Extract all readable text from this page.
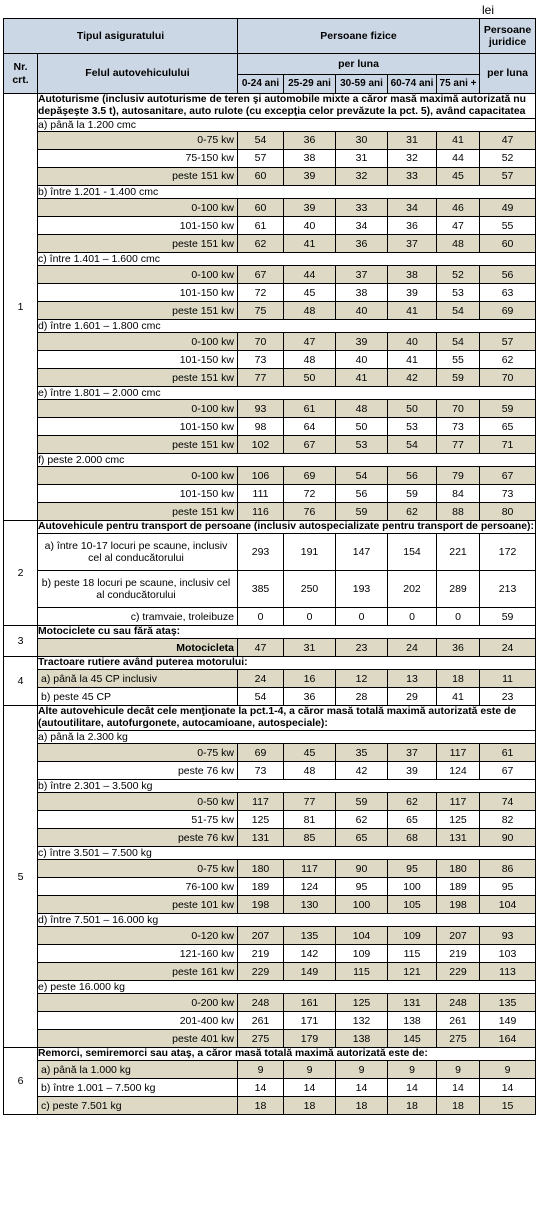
lei
Tipul asiguratului		Persoane fizice					Persoane juridice
Nr. crt.	Felul autovehiculului	per luna					per luna
		0-24 ani	25-29 ani	30-59 ani	60-74 ani	75 ani +	
1	Autoturisme (inclusiv autoturisme de teren şi automobile mixte a căror masă maximă autorizată nu depăşeşte 3.5 t), autosanitare, auto rulote (cu excepţia celor prevăzute la pct. 5), având capacitatea						
	a) până la 1.200 cmc						
	0-75 kw	54	36	30	31	41	47
	75-150 kw	57	38	31	32	44	52
	peste 151 kw	60	39	32	33	45	57
	b) între 1.201 - 1.400 cmc						
	0-100 kw	60	39	33	34	46	49
	101-150 kw	61	40	34	36	47	55
	peste 151 kw	62	41	36	37	48	60
	c) între 1.401 – 1.600 cmc						
	0-100 kw	67	44	37	38	52	56
	101-150 kw	72	45	38	39	53	63
	peste 151 kw	75	48	40	41	54	69
	d) între 1.601 – 1.800 cmc						
	0-100 kw	70	47	39	40	54	57
	101-150 kw	73	48	40	41	55	62
	peste 151 kw	77	50	41	42	59	70
	e) între 1.801 – 2.000 cmc						
	0-100 kw	93	61	48	50	70	59
	101-150 kw	98	64	50	53	73	65
	peste 151 kw	102	67	53	54	77	71
	f) peste 2.000 cmc						
	0-100 kw	106	69	54	56	79	67
	101-150 kw	111	72	56	59	84	73
	peste 151 kw	116	76	59	62	88	80
2	Autovehicule pentru transport de persoane (inclusiv autospecializate pentru transport de persoane):						
	a) între 10-17 locuri pe scaune, inclusiv cel al conducătorului	293	191	147	154	221	172
	b) peste 18 locuri pe scaune, inclusiv cel al conducătorului	385	250	193	202	289	213
	c) tramvaie, troleibuze	0	0	0	0	0	59
3	Motociclete cu sau fără ataş:						
	Motocicleta	47	31	23	24	36	24
4	Tractoare rutiere având puterea motorului:						
	a) până la 45 CP inclusiv	24	16	12	13	18	11
	b) peste 45 CP	54	36	28	29	41	23
5	Alte autovehicule decât cele menţionate la pct.1-4, a căror masă totală maximă autorizată este de (autoutilitare, autofurgonete, autocamioane, autospeciale):						
	a) până la 2.300 kg						
	0-75 kw	69	45	35	37	117	61
	peste 76 kw	73	48	42	39	124	67
	b) între 2.301 – 3.500 kg						
	0-50 kw	117	77	59	62	117	74
	51-75 kw	125	81	62	65	125	82
	peste 76 kw	131	85	65	68	131	90
	c) între 3.501 – 7.500 kg						
	0-75 kw	180	117	90	95	180	86
	76-100 kw	189	124	95	100	189	95
	peste 101 kw	198	130	100	105	198	104
	d) între 7.501 – 16.000 kg						
	0-120 kw	207	135	104	109	207	93
	121-160 kw	219	142	109	115	219	103
	peste 161 kw	229	149	115	121	229	113
	e) peste 16.000 kg						
	0-200 kw	248	161	125	131	248	135
	201-400 kw	261	171	132	138	261	149
	peste 401 kw	275	179	138	145	275	164
6	Remorci, semiremorci sau ataş, a căror masă totală maximă autorizată este de:						
	a) până la 1.000 kg	9	9	9	9	9	9
	b) între 1.001 – 7.500 kg	14	14	14	14	14	14
	c) peste 7.501 kg	18	18	18	18	18	15
